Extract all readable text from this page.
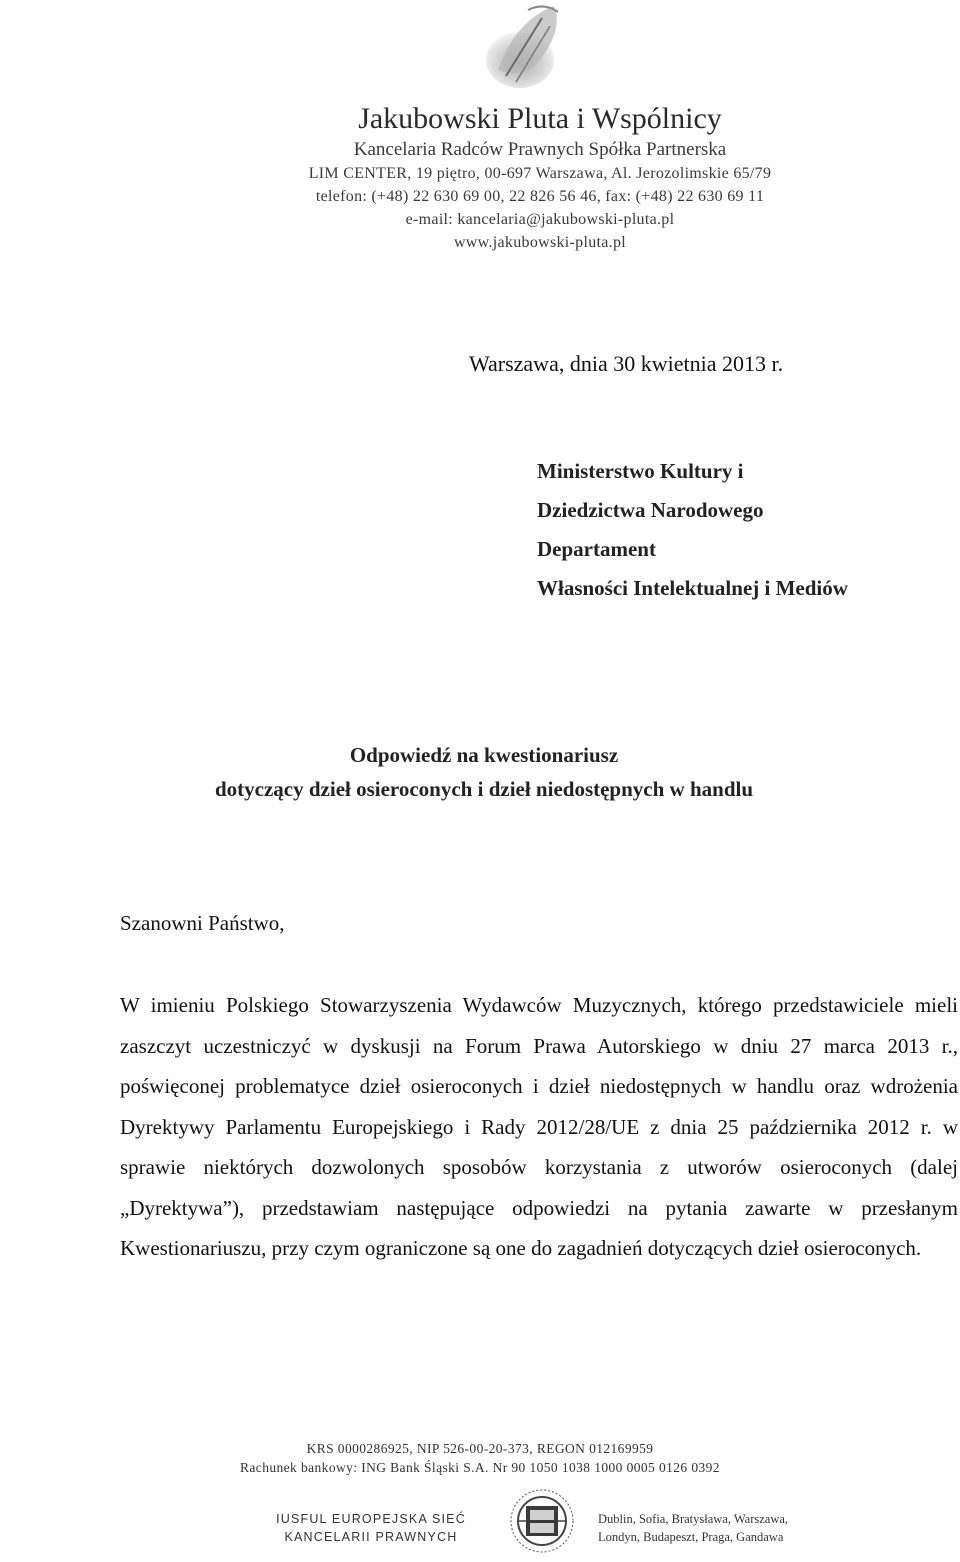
Jakubowski Pluta i Wspólnicy
Kancelaria Radców Prawnych Spółka Partnerska
LIM CENTER, 19 piętro, 00-697 Warszawa, Al. Jerozolimskie 65/79
telefon: (+48) 22 630 69 00, 22 826 56 46, fax: (+48) 22 630 69 11
e-mail: kancelaria@jakubowski-pluta.pl
www.jakubowski-pluta.pl
Warszawa, dnia 30 kwietnia 2013 r.
Ministerstwo Kultury i
Dziedzictwa Narodowego
Departament
Własności Intelektualnej i Mediów
Odpowiedź na kwestionariusz
dotyczący dzieł osieroconych i dzieł niedostępnych w handlu
Szanowni Państwo,

W imieniu Polskiego Stowarzyszenia Wydawców Muzycznych, którego przedstawiciele mieli zaszczyt uczestniczyć w dyskusji na Forum Prawa Autorskiego w dniu 27 marca 2013 r., poświęconej problematyce dzieł osieroconych i dzieł niedostępnych w handlu oraz wdrożenia Dyrektywy Parlamentu Europejskiego i Rady 2012/28/UE z dnia 25 października 2012 r. w sprawie niektórych dozwolonych sposobów korzystania z utworów osieroconych (dalej „Dyrektywa”), przedstawiam następujące odpowiedzi na pytania zawarte w przesłanym Kwestionariuszu, przy czym ograniczone są one do zagadnień dotyczących dzieł osieroconych.

KRS 0000286925, NIP 526-00-20-373, REGON 012169959
Rachunek bankowy: ING Bank Śląski S.A. Nr 90 1050 1038 1000 0005 0126 0392
IUSFUL EUROPEJSKA SIEĆ
KANCELARII PRAWNYCH
Dublin, Sofia, Bratysława, Warszawa,
Londyn, Budapeszt, Praga, Gandawa
